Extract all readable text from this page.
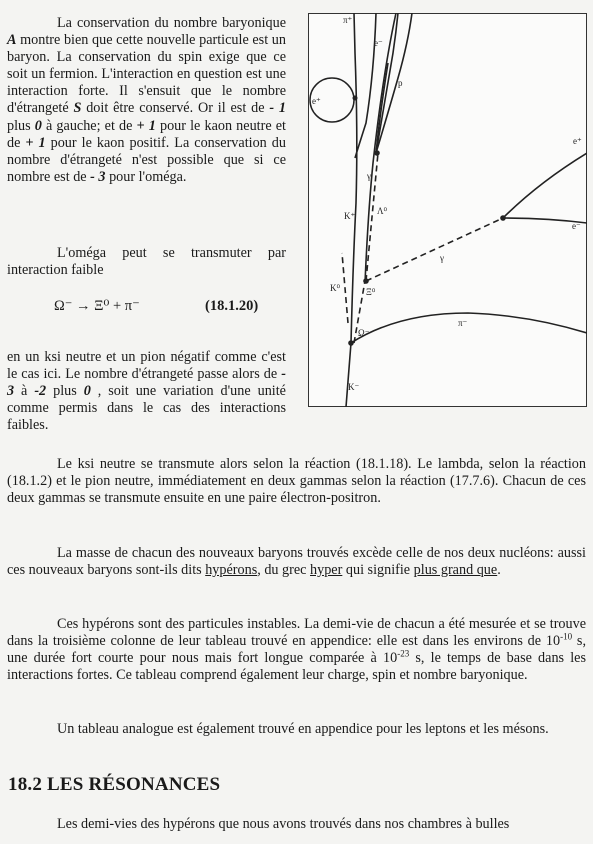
La conservation du nombre baryonique A montre bien que cette nouvelle particule est un baryon. La conservation du spin exige que ce soit un fermion. L'interaction en question est une interaction forte. Il s'ensuit que le nombre d'étrangeté S doit être conservé. Or il est de - 1 plus 0 à gauche; et de + 1 pour le kaon neutre et de + 1 pour le kaon positif. La conservation du nombre d'étrangeté n'est possible que si ce nombre est de - 3 pour l'oméga.

L'oméga peut se transmuter par interaction faible

Ω⁻ → Ξ⁰ + π⁻	(18.1.20)

en un ksi neutre et un pion négatif comme c'est le cas ici. Le nombre d'étrangeté passe alors de - 3 à -2 plus 0 , soit une variation d'une unité comme permis dans le cas des interactions faibles.

π⁺
e⁻
e⁺
p
γ
Λ⁰
K⁺
e⁺
γ
e⁻
K⁰	Ξ⁰
Ω⁻
π⁻
K⁻

Le ksi neutre se transmute alors selon la réaction (18.1.18). Le lambda, selon la réaction (18.1.2) et le pion neutre, immédiatement en deux gammas selon la réaction (17.7.6). Chacun de ces deux gammas se transmute ensuite en une paire électron-positron.

La masse de chacun des nouveaux baryons trouvés excède celle de nos deux nucléons: aussi ces nouveaux baryons sont-ils dits hypérons, du grec hyper qui signifie plus grand que.

Ces hypérons sont des particules instables. La demi-vie de chacun a été mesurée et se trouve dans la troisième colonne de leur tableau trouvé en appendice: elle est dans les environs de $10^{-10}$ s, une durée fort courte pour nous mais fort longue comparée à $10^{-23}$ s, le temps de base dans les interactions fortes. Ce tableau comprend également leur charge, spin et nombre baryonique.

Un tableau analogue est également trouvé en appendice pour les leptons et les mésons.

18.2 LES RÉSONANCES

Les demi-vies des hypérons que nous avons trouvés dans nos chambres à bulles
